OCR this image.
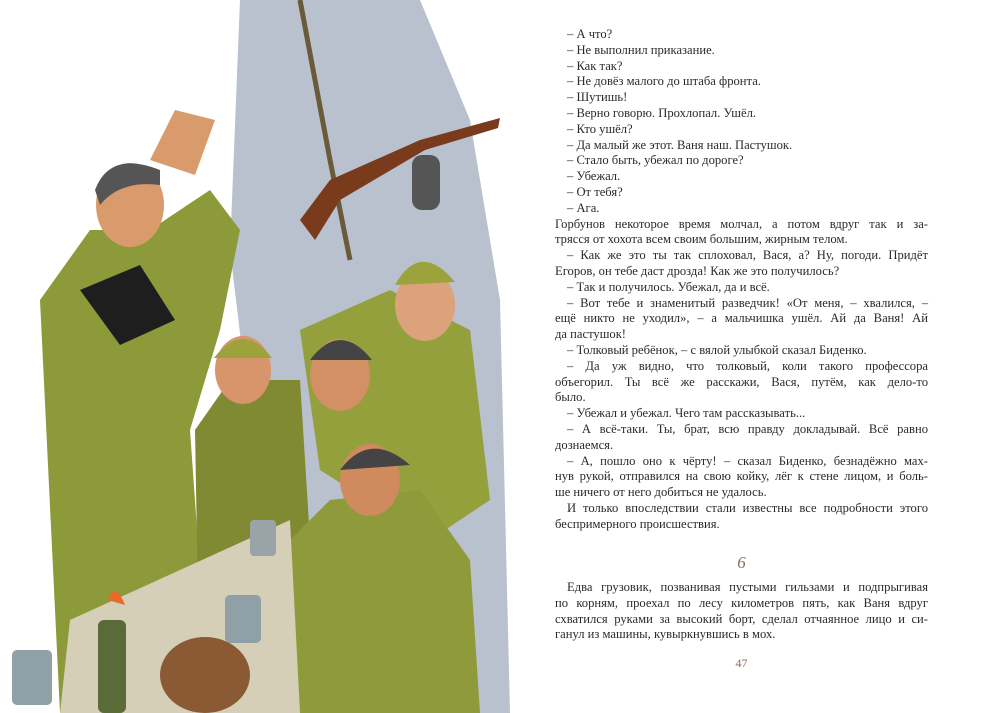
– А что?
– Не выполнил приказание.
– Как так?
– Не довёз малого до штаба фронта.
– Шутишь!
– Верно говорю. Прохлопал. Ушёл.
– Кто ушёл?
– Да малый же этот. Ваня наш. Пастушок.
– Стало быть, убежал по дороге?
– Убежал.
– От тебя?
– Ага.
Горбунов некоторое время молчал, а потом вдруг так и за-
трясся от хохота всем своим большим, жирным телом.
– Как же это ты так сплоховал, Вася, а? Ну, погоди. Придёт
Егоров, он тебе даст дрозда! Как же это получилось?
– Так и получилось. Убежал, да и всё.
– Вот тебе и знаменитый разведчик! «От меня, – хвалился, –
ещё никто не уходил», – а мальчишка ушёл. Ай да Ваня! Ай
да пастушок!
– Толковый ребёнок, – с вялой улыбкой сказал Биденко.
– Да уж видно, что толковый, коли такого профессора
объегорил. Ты всё же расскажи, Вася, путём, как дело-то
было.
– Убежал и убежал. Чего там рассказывать...
– А всё-таки. Ты, брат, всю правду докладывай. Всё равно
дознаемся.
– А, пошло оно к чёрту! – сказал Биденко, безнадёжно мах-
нув рукой, отправился на свою койку, лёг к стене лицом, и боль-
ше ничего от него добиться не удалось.
И только впоследствии стали известны все подробности этого
беспримерного происшествия.
6
Едва грузовик, позванивая пустыми гильзами и подпрыгивая
по корням, проехал по лесу километров пять, как Ваня вдруг
схватился руками за высокий борт, сделал отчаянное лицо и си-
ганул из машины, кувыркнувшись в мох.
47
